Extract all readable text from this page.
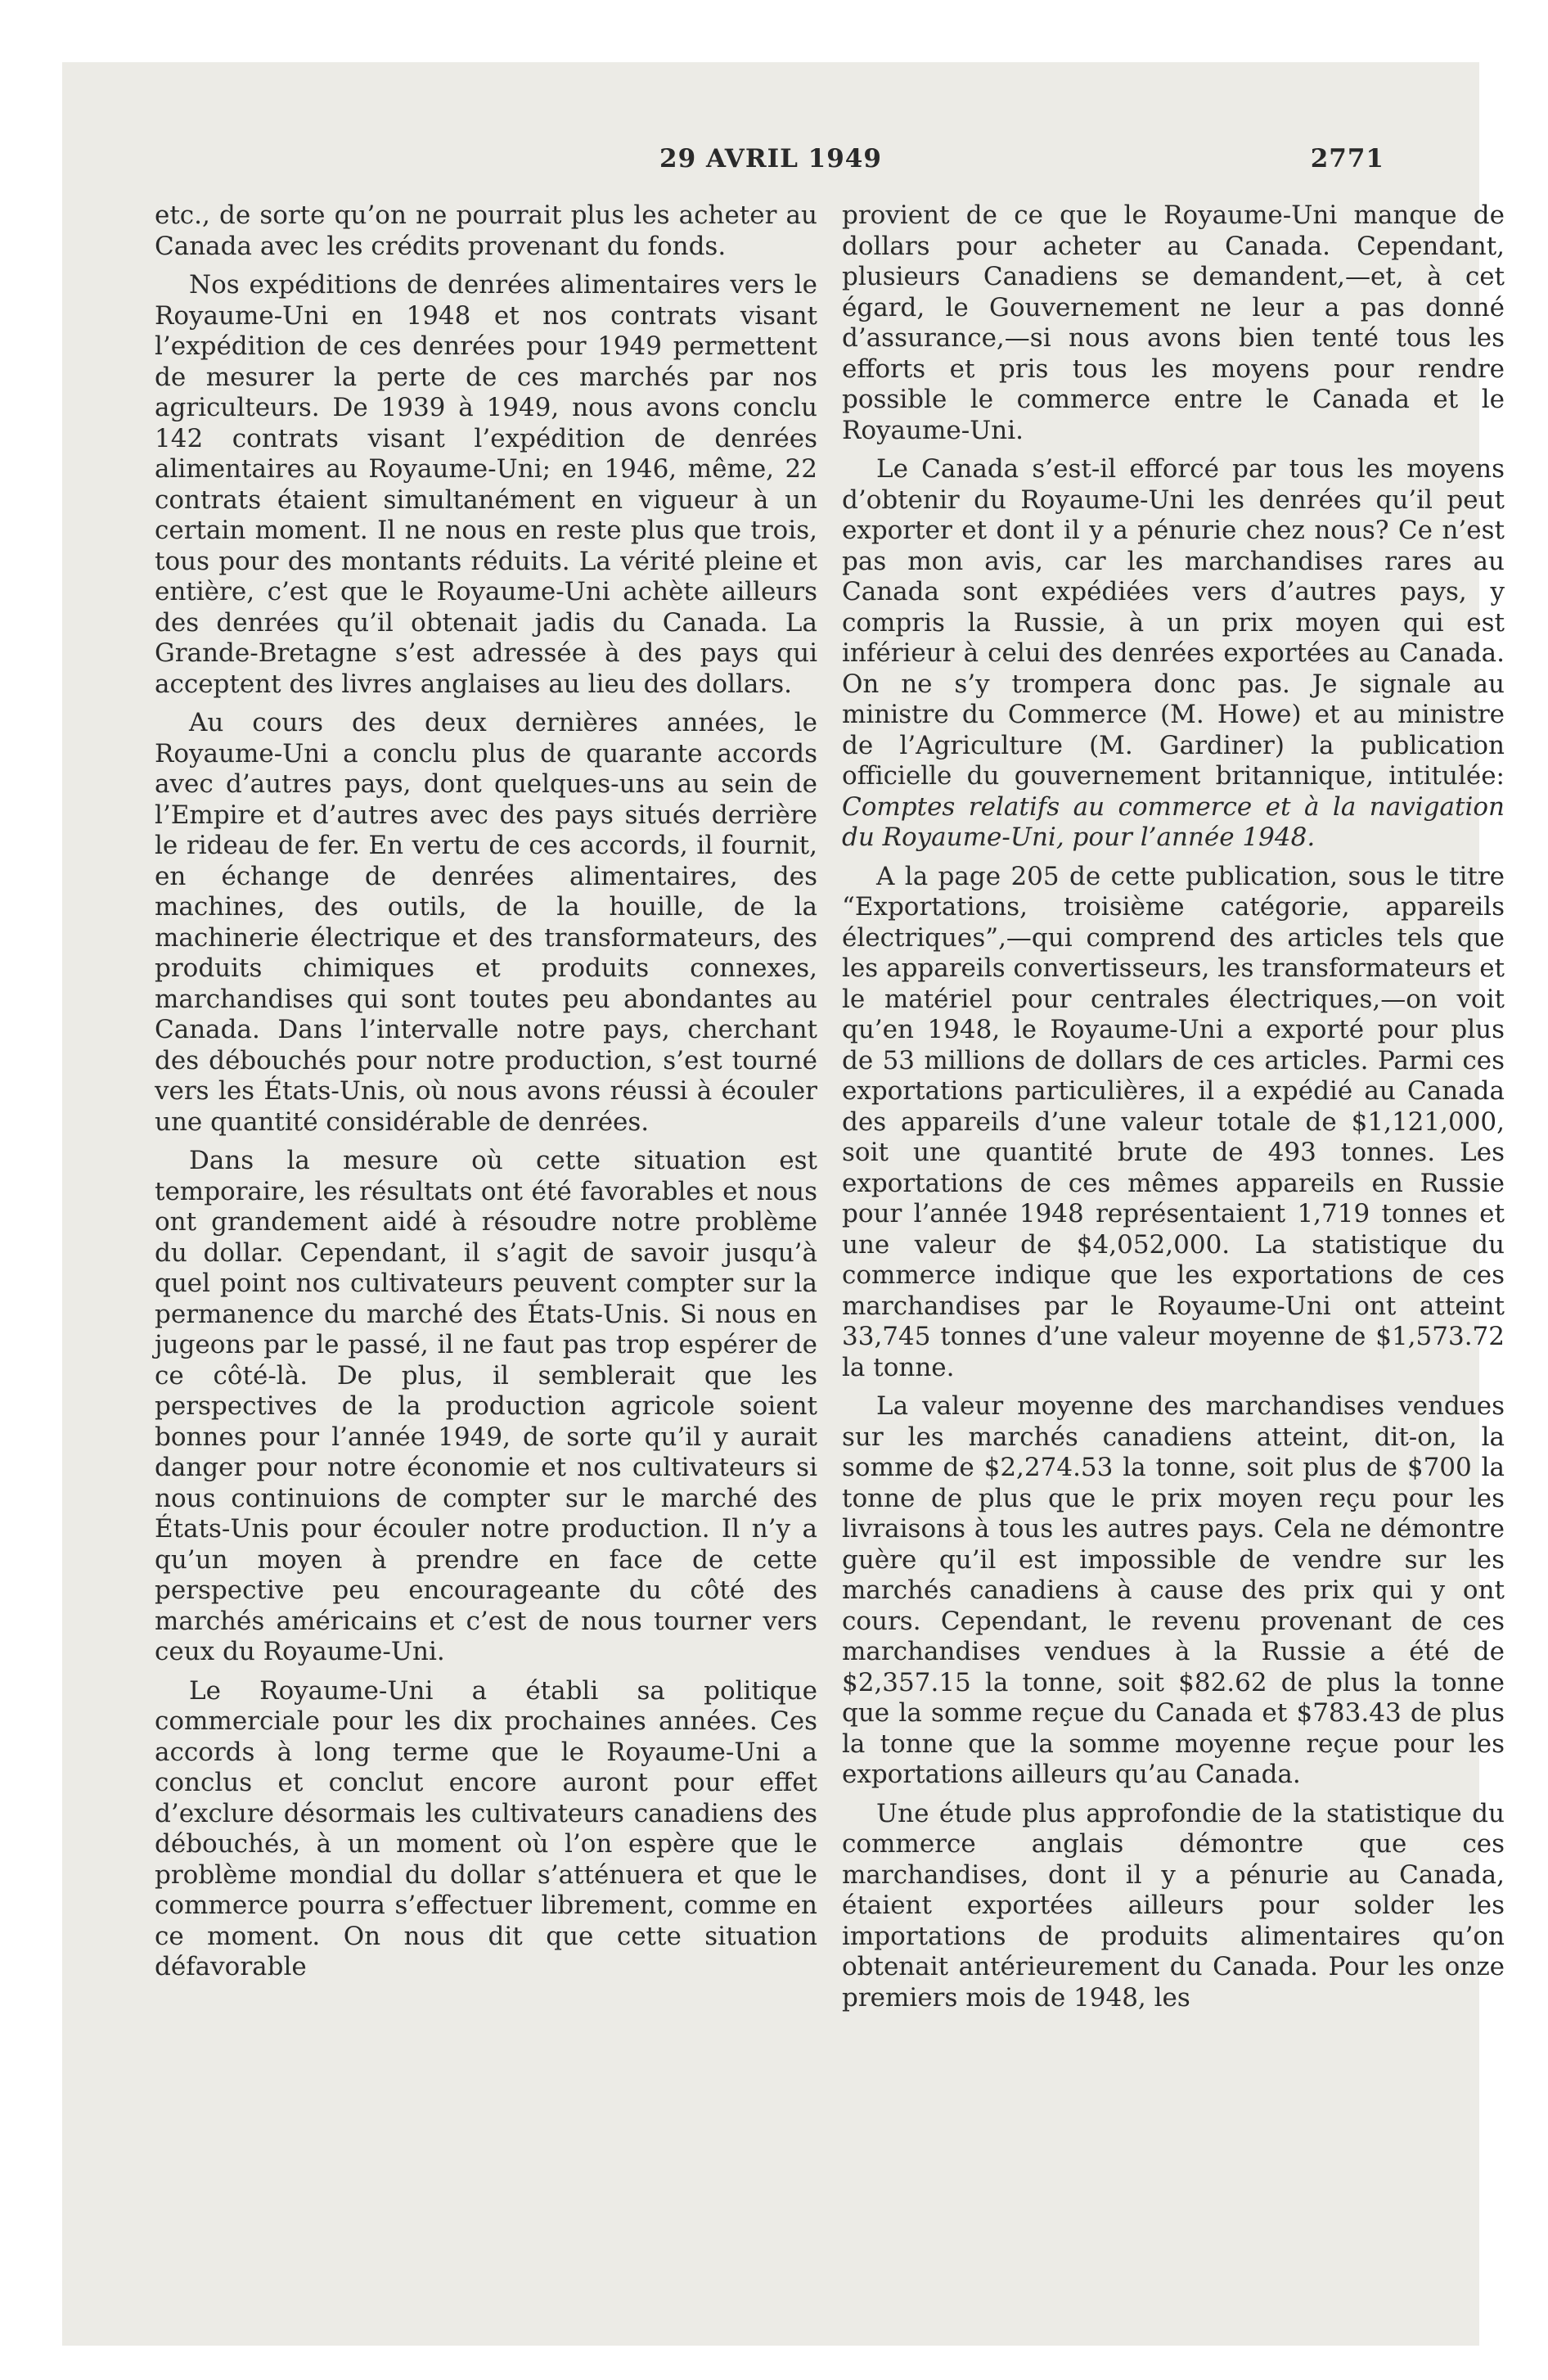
29 AVRIL 1949	2771

etc., de sorte qu’on ne pourrait plus les acheter au Canada avec les crédits provenant du fonds.

Nos expéditions de denrées alimentaires vers le Royaume-Uni en 1948 et nos contrats visant l’expédition de ces denrées pour 1949 permettent de mesurer la perte de ces marchés par nos agriculteurs. De 1939 à 1949, nous avons conclu 142 contrats visant l’expédition de denrées alimentaires au Royaume-Uni; en 1946, même, 22 contrats étaient simultanément en vigueur à un certain moment. Il ne nous en reste plus que trois, tous pour des montants réduits. La vérité pleine et entière, c’est que le Royaume-Uni achète ailleurs des denrées qu’il obtenait jadis du Canada. La Grande-Bretagne s’est adressée à des pays qui acceptent des livres anglaises au lieu des dollars.

Au cours des deux dernières années, le Royaume-Uni a conclu plus de quarante accords avec d’autres pays, dont quelques-uns au sein de l’Empire et d’autres avec des pays situés derrière le rideau de fer. En vertu de ces accords, il fournit, en échange de denrées alimentaires, des machines, des outils, de la houille, de la machinerie électrique et des transformateurs, des produits chimiques et produits connexes, marchandises qui sont toutes peu abondantes au Canada. Dans l’intervalle notre pays, cherchant des débouchés pour notre production, s’est tourné vers les États-Unis, où nous avons réussi à écouler une quantité considérable de denrées.

Dans la mesure où cette situation est temporaire, les résultats ont été favorables et nous ont grandement aidé à résoudre notre problème du dollar. Cependant, il s’agit de savoir jusqu’à quel point nos cultivateurs peuvent compter sur la permanence du marché des États-Unis. Si nous en jugeons par le passé, il ne faut pas trop espérer de ce côté-là. De plus, il semblerait que les perspectives de la production agricole soient bonnes pour l’année 1949, de sorte qu’il y aurait danger pour notre économie et nos cultivateurs si nous continuions de compter sur le marché des États-Unis pour écouler notre production. Il n’y a qu’un moyen à prendre en face de cette perspective peu encourageante du côté des marchés américains et c’est de nous tourner vers ceux du Royaume-Uni.

Le Royaume-Uni a établi sa politique commerciale pour les dix prochaines années. Ces accords à long terme que le Royaume-Uni a conclus et conclut encore auront pour effet d’exclure désormais les cultivateurs canadiens des débouchés, à un moment où l’on espère que le problème mondial du dollar s’atténuera et que le commerce pourra s’effectuer librement, comme en ce moment. On nous dit que cette situation défavorable

provient de ce que le Royaume-Uni manque de dollars pour acheter au Canada. Cependant, plusieurs Canadiens se demandent,—et, à cet égard, le Gouvernement ne leur a pas donné d’assurance,—si nous avons bien tenté tous les efforts et pris tous les moyens pour rendre possible le commerce entre le Canada et le Royaume-Uni.

Le Canada s’est-il efforcé par tous les moyens d’obtenir du Royaume-Uni les denrées qu’il peut exporter et dont il y a pénurie chez nous? Ce n’est pas mon avis, car les marchandises rares au Canada sont expédiées vers d’autres pays, y compris la Russie, à un prix moyen qui est inférieur à celui des denrées exportées au Canada. On ne s’y trompera donc pas. Je signale au ministre du Commerce (M. Howe) et au ministre de l’Agriculture (M. Gardiner) la publication officielle du gouvernement britannique, intitulée: Comptes relatifs au commerce et à la navigation du Royaume-Uni, pour l’année 1948.

A la page 205 de cette publication, sous le titre “Exportations, troisième catégorie, appareils électriques”,—qui comprend des articles tels que les appareils convertisseurs, les transformateurs et le matériel pour centrales électriques,—on voit qu’en 1948, le Royaume-Uni a exporté pour plus de 53 millions de dollars de ces articles. Parmi ces exportations particulières, il a expédié au Canada des appareils d’une valeur totale de $1,121,000, soit une quantité brute de 493 tonnes. Les exportations de ces mêmes appareils en Russie pour l’année 1948 représentaient 1,719 tonnes et une valeur de $4,052,000. La statistique du commerce indique que les exportations de ces marchandises par le Royaume-Uni ont atteint 33,745 tonnes d’une valeur moyenne de $1,573.72 la tonne.

La valeur moyenne des marchandises vendues sur les marchés canadiens atteint, dit-on, la somme de $2,274.53 la tonne, soit plus de $700 la tonne de plus que le prix moyen reçu pour les livraisons à tous les autres pays. Cela ne démontre guère qu’il est impossible de vendre sur les marchés canadiens à cause des prix qui y ont cours. Cependant, le revenu provenant de ces marchandises vendues à la Russie a été de $2,357.15 la tonne, soit $82.62 de plus la tonne que la somme reçue du Canada et $783.43 de plus la tonne que la somme moyenne reçue pour les exportations ailleurs qu’au Canada.

Une étude plus approfondie de la statistique du commerce anglais démontre que ces marchandises, dont il y a pénurie au Canada, étaient exportées ailleurs pour solder les importations de produits alimentaires qu’on obtenait antérieurement du Canada. Pour les onze premiers mois de 1948, les
